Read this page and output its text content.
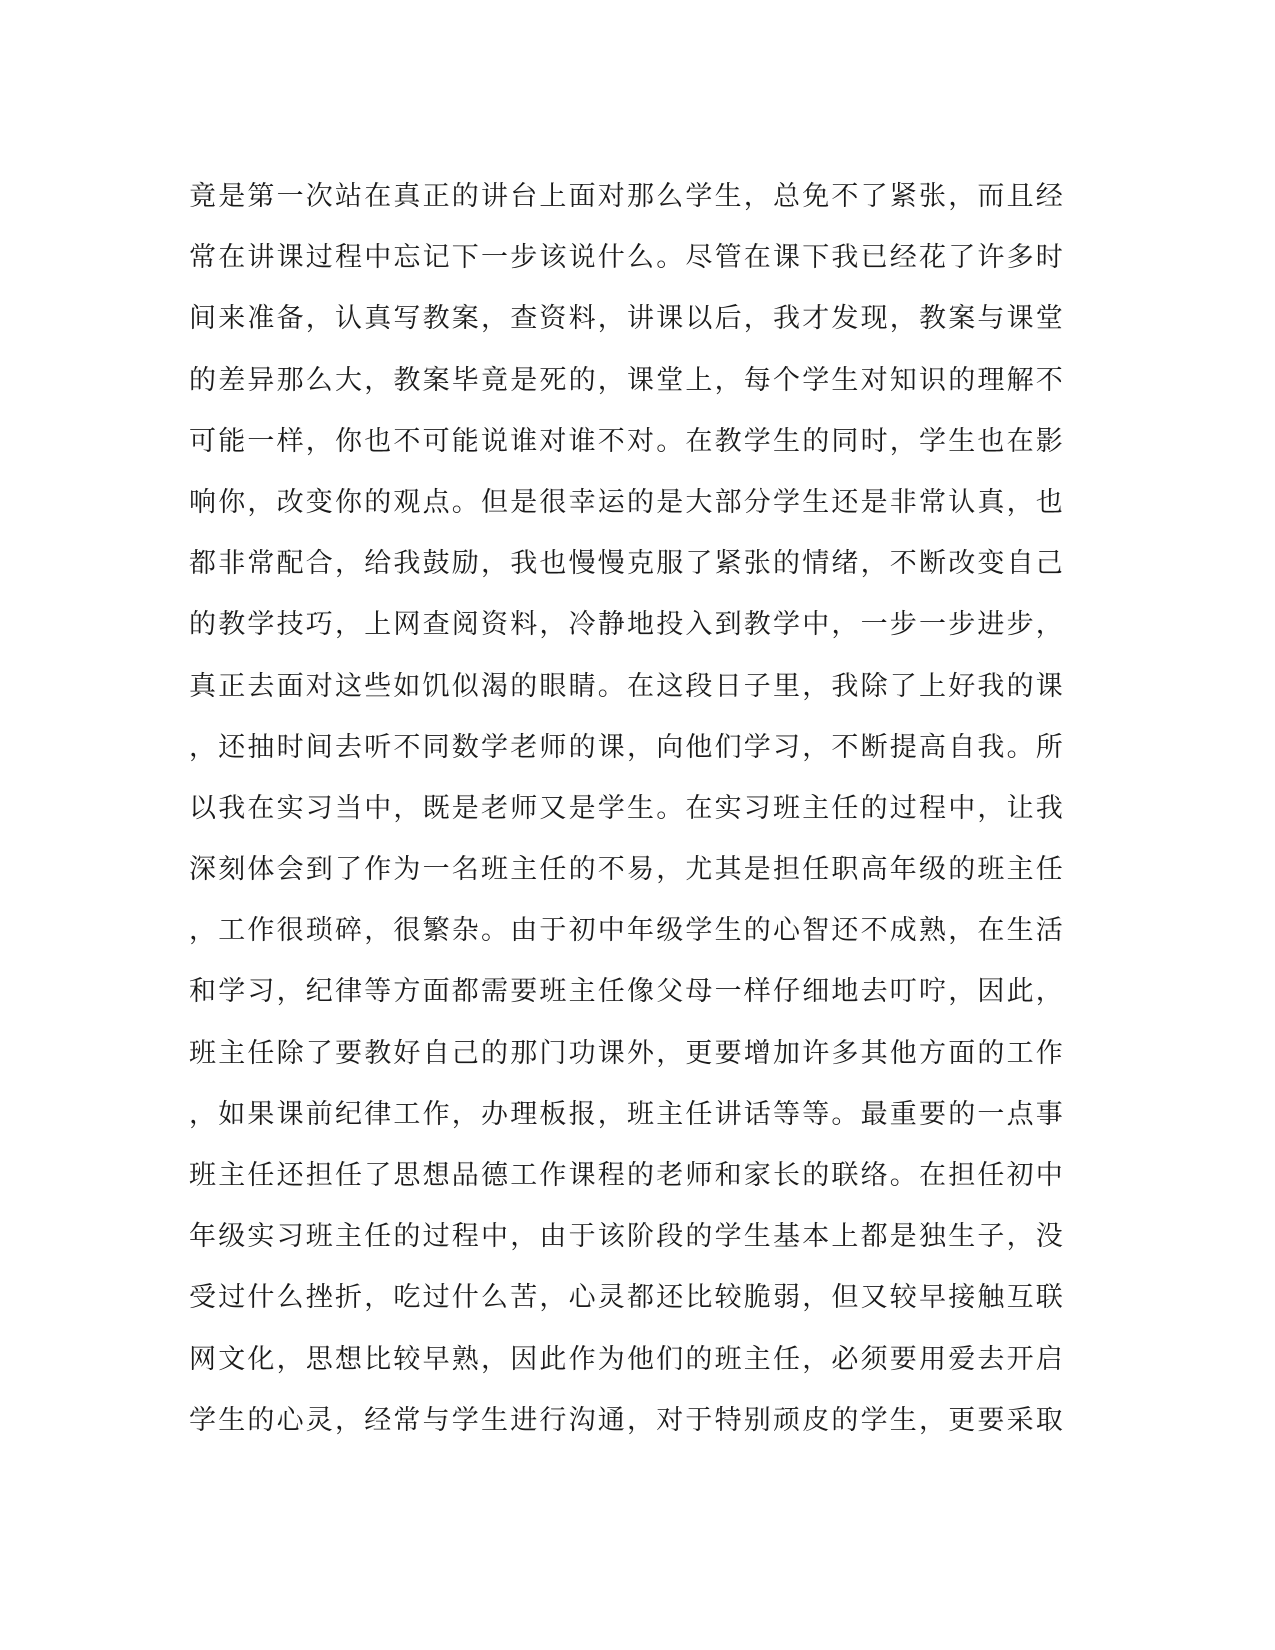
竟是第一次站在真正的讲台上面对那么学生，总免不了紧张，而且经
常在讲课过程中忘记下一步该说什么。尽管在课下我已经花了许多时
间来准备，认真写教案，查资料，讲课以后，我才发现，教案与课堂
的差异那么大，教案毕竟是死的，课堂上，每个学生对知识的理解不
可能一样，你也不可能说谁对谁不对。在教学生的同时，学生也在影
响你，改变你的观点。但是很幸运的是大部分学生还是非常认真，也
都非常配合，给我鼓励，我也慢慢克服了紧张的情绪，不断改变自己
的教学技巧，上网查阅资料，冷静地投入到教学中，一步一步进步，
真正去面对这些如饥似渴的眼睛。在这段日子里，我除了上好我的课
，还抽时间去听不同数学老师的课，向他们学习，不断提高自我。所
以我在实习当中，既是老师又是学生。在实习班主任的过程中，让我
深刻体会到了作为一名班主任的不易，尤其是担任职高年级的班主任
，工作很琐碎，很繁杂。由于初中年级学生的心智还不成熟，在生活
和学习，纪律等方面都需要班主任像父母一样仔细地去叮咛，因此，
班主任除了要教好自己的那门功课外，更要增加许多其他方面的工作
，如果课前纪律工作，办理板报，班主任讲话等等。最重要的一点事
班主任还担任了思想品德工作课程的老师和家长的联络。在担任初中
年级实习班主任的过程中，由于该阶段的学生基本上都是独生子，没
受过什么挫折，吃过什么苦，心灵都还比较脆弱，但又较早接触互联
网文化，思想比较早熟，因此作为他们的班主任，必须要用爱去开启
学生的心灵，经常与学生进行沟通，对于特别顽皮的学生，更要采取
